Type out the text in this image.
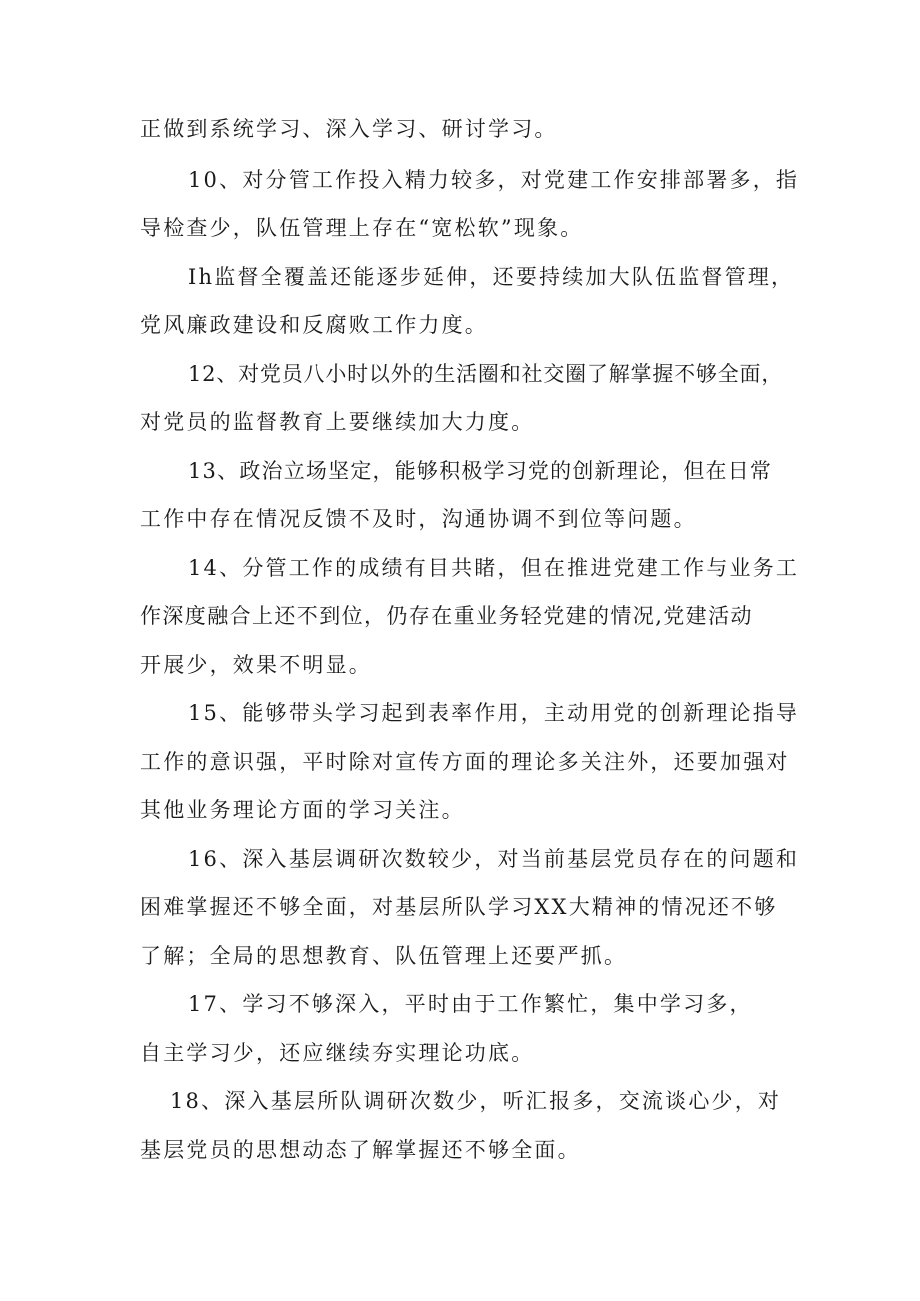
正做到系统学习、深入学习、研讨学习。

10、对分管工作投入精力较多，对党建工作安排部署多，指

导检查少，队伍管理上存在“宽松软”现象。

Ih监督全覆盖还能逐步延伸，还要持续加大队伍监督管理，

党风廉政建设和反腐败工作力度。

12、对党员八小时以外的生活圈和社交圈了解掌握不够全面，

对党员的监督教育上要继续加大力度。

13、政治立场坚定，能够积极学习党的创新理论，但在日常

工作中存在情况反馈不及时，沟通协调不到位等问题。

14、分管工作的成绩有目共睹，但在推进党建工作与业务工

作深度融合上还不到位，仍存在重业务轻党建的情况,党建活动

开展少，效果不明显。

15、能够带头学习起到表率作用，主动用党的创新理论指导

工作的意识强，平时除对宣传方面的理论多关注外，还要加强对

其他业务理论方面的学习关注。

16、深入基层调研次数较少，对当前基层党员存在的问题和

困难掌握还不够全面，对基层所队学习XX大精神的情况还不够

了解；全局的思想教育、队伍管理上还要严抓。

17、学习不够深入，平时由于工作繁忙，集中学习多，

自主学习少，还应继续夯实理论功底。

18、深入基层所队调研次数少，听汇报多，交流谈心少，对

基层党员的思想动态了解掌握还不够全面。
